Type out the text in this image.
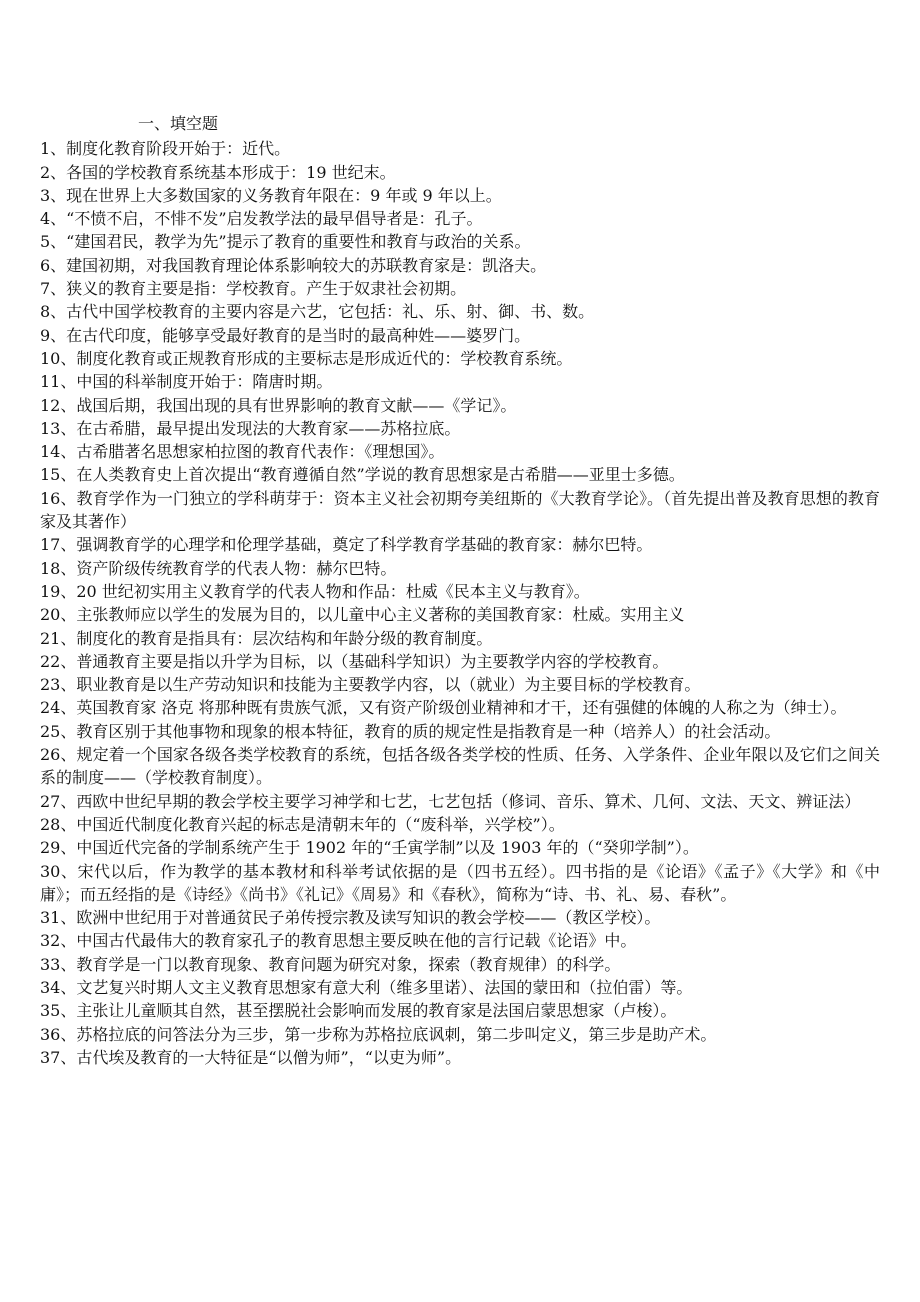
一、填空题
1、制度化教育阶段开始于：近代。
2、各国的学校教育系统基本形成于：19 世纪末。
3、现在世界上大多数国家的义务教育年限在：9 年或 9 年以上。
4、“不愤不启，不悱不发”启发教学法的最早倡导者是：孔子。
5、“建国君民，教学为先”提示了教育的重要性和教育与政治的关系。
6、建国初期，对我国教育理论体系影响较大的苏联教育家是：凯洛夫。
7、狭义的教育主要是指：学校教育。产生于奴隶社会初期。
8、古代中国学校教育的主要内容是六艺，它包括：礼、乐、射、御、书、数。
9、在古代印度，能够享受最好教育的是当时的最高种姓——婆罗门。
10、制度化教育或正规教育形成的主要标志是形成近代的：学校教育系统。
11、中国的科举制度开始于：隋唐时期。
12、战国后期，我国出现的具有世界影响的教育文献——《学记》。
13、在古希腊，最早提出发现法的大教育家——苏格拉底。
14、古希腊著名思想家柏拉图的教育代表作：《理想国》。
15、在人类教育史上首次提出“教育遵循自然”学说的教育思想家是古希腊——亚里士多德。
16、教育学作为一门独立的学科萌芽于：资本主义社会初期夸美纽斯的《大教育学论》。（首先提出普及教育思想的教育家及其著作）
17、强调教育学的心理学和伦理学基础，奠定了科学教育学基础的教育家：赫尔巴特。
18、资产阶级传统教育学的代表人物：赫尔巴特。
19、20 世纪初实用主义教育学的代表人物和作品：杜威《民本主义与教育》。
20、主张教师应以学生的发展为目的，以儿童中心主义著称的美国教育家：杜威。实用主义
21、制度化的教育是指具有：层次结构和年龄分级的教育制度。
22、普通教育主要是指以升学为目标，以（基础科学知识）为主要教学内容的学校教育。
23、职业教育是以生产劳动知识和技能为主要教学内容，以（就业）为主要目标的学校教育。
24、英国教育家 洛克 将那种既有贵族气派，又有资产阶级创业精神和才干，还有强健的体魄的人称之为（绅士）。
25、教育区别于其他事物和现象的根本特征，教育的质的规定性是指教育是一种（培养人）的社会活动。
26、规定着一个国家各级各类学校教育的系统，包括各级各类学校的性质、任务、入学条件、企业年限以及它们之间关系的制度——（学校教育制度）。
27、西欧中世纪早期的教会学校主要学习神学和七艺，七艺包括（修词、音乐、算术、几何、文法、天文、辨证法）
28、中国近代制度化教育兴起的标志是清朝末年的（“废科举，兴学校”）。
29、中国近代完备的学制系统产生于 1902 年的“壬寅学制”以及 1903 年的（“癸卯学制”）。
30、宋代以后，作为教学的基本教材和科举考试依据的是（四书五经）。四书指的是《论语》《孟子》《大学》和《中庸》；而五经指的是《诗经》《尚书》《礼记》《周易》和《春秋》，简称为“诗、书、礼、易、春秋”。
31、欧洲中世纪用于对普通贫民子弟传授宗教及读写知识的教会学校——（教区学校）。
32、中国古代最伟大的教育家孔子的教育思想主要反映在他的言行记载《论语》中。
33、教育学是一门以教育现象、教育问题为研究对象，探索（教育规律）的科学。
34、文艺复兴时期人文主义教育思想家有意大利（维多里诺）、法国的蒙田和（拉伯雷）等。
35、主张让儿童顺其自然，甚至摆脱社会影响而发展的教育家是法国启蒙思想家（卢梭）。
36、苏格拉底的问答法分为三步，第一步称为苏格拉底讽刺，第二步叫定义，第三步是助产术。
37、古代埃及教育的一大特征是“以僧为师”，“以吏为师”。
